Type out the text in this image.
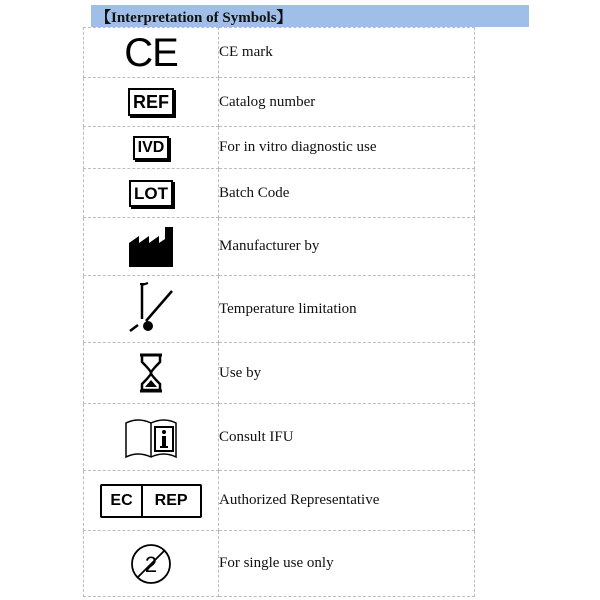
【Interpretation of Symbols】
CE	CE mark
REF	Catalog number
IVD	For in vitro diagnostic use
LOT	Batch Code
	Manufacturer by
	Temperature limitation
	Use by
	Consult IFU

EC REP	Authorized Representative

2	For single use only
